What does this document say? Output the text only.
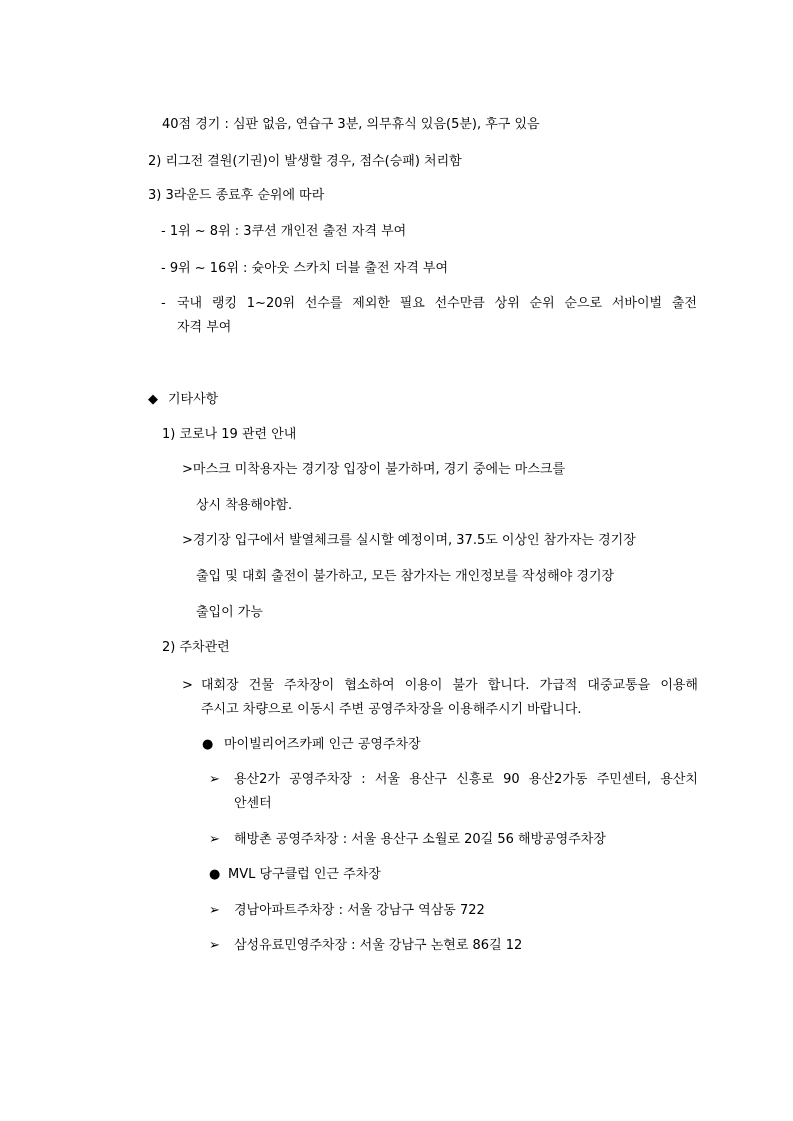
40점 경기 : 심판 없음, 연습구 3분, 의무휴식 있음(5분), 후구 있음
2) 리그전 결원(기권)이 발생할 경우, 점수(승패) 처리함
3) 3라운드 종료후 순위에 따라
- 1위 ~ 8위 : 3쿠션 개인전 출전 자격 부여
- 9위 ~ 16위 : 슛아웃 스카치 더블 출전 자격 부여
- 국내 랭킹 1~20위 선수를 제외한 필요 선수만큼 상위 순위 순으로 서바이벌 출전
자격 부여
◆ 기타사항
1) 코로나 19 관련 안내
>마스크 미착용자는 경기장 입장이 불가하며, 경기 중에는 마스크를
상시 착용해야함.
>경기장 입구에서 발열체크를 실시할 예정이며, 37.5도 이상인 참가자는 경기장
출입 및 대회 출전이 불가하고, 모든 참가자는 개인정보를 작성해야 경기장
출입이 가능
2) 주차관련
> 대회장 건물 주차장이 협소하여 이용이 불가 합니다. 가급적 대중교통을 이용해
주시고 차량으로 이동시 주변 공영주차장을 이용해주시기 바랍니다.
● 마이빌리어즈카페 인근 공영주차장
➢ 용산2가 공영주차장 : 서울 용산구 신흥로 90 용산2가동 주민센터, 용산치
안센터
➢ 해방촌 공영주차장 : 서울 용산구 소월로 20길 56 해방공영주차장
● MVL 당구클럽 인근 주차장
➢ 경남아파트주차장 : 서울 강남구 역삼동 722
➢ 삼성유료민영주차장 : 서울 강남구 논현로 86길 12
